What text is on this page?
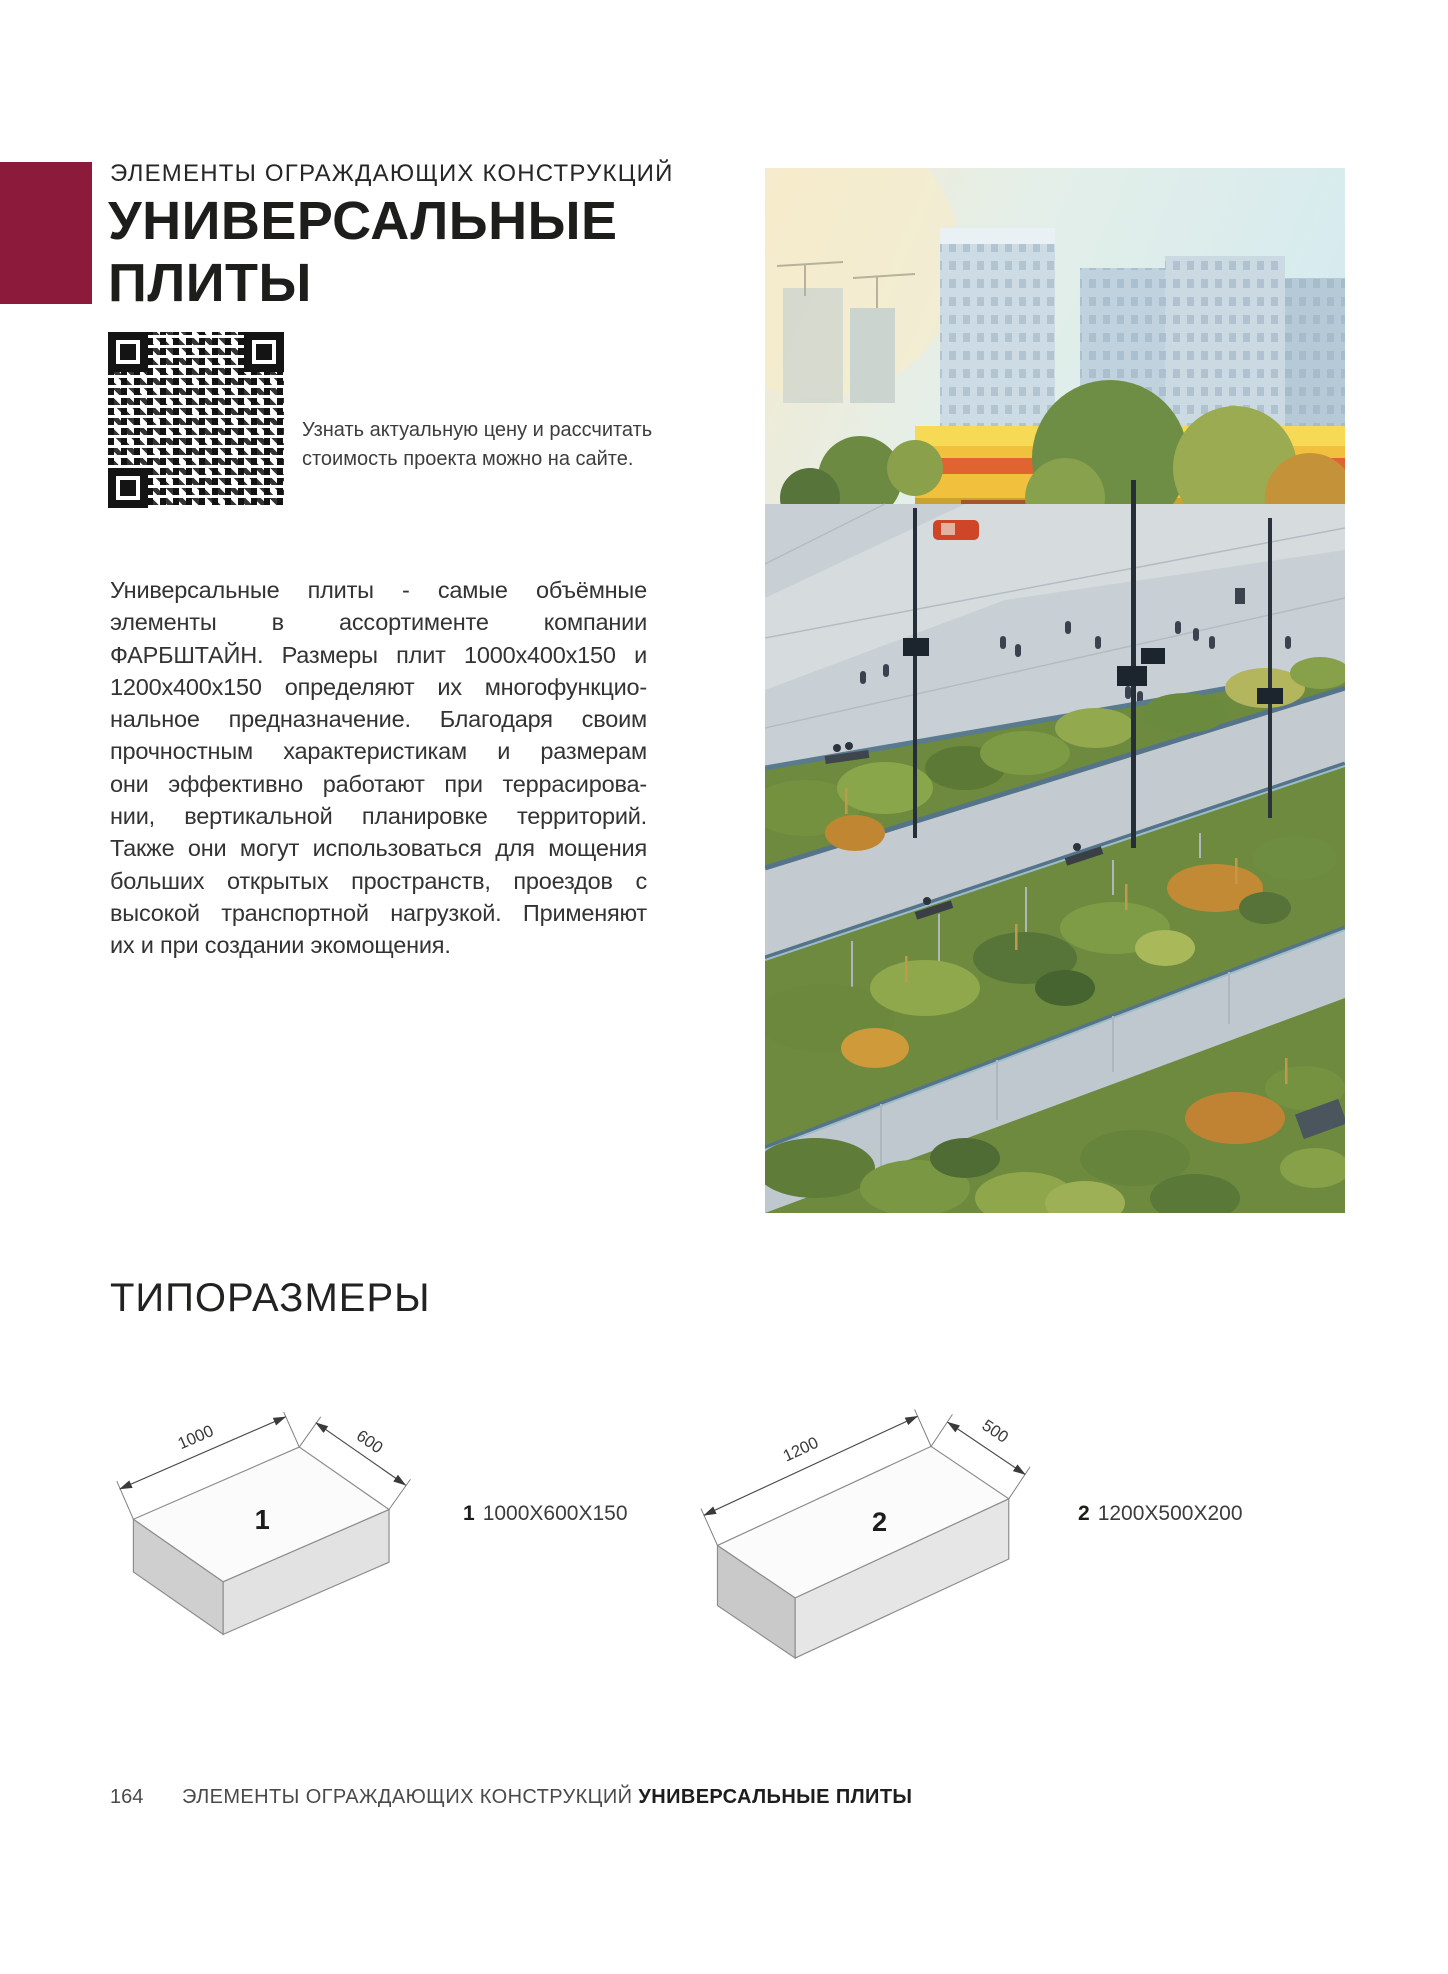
ЭЛЕМЕНТЫ ОГРАЖДАЮЩИХ КОНСТРУКЦИЙ
УНИВЕРСАЛЬНЫЕ
ПЛИТЫ
Узнать актуальную цену и рассчитать
стоимость проекта можно на сайте.
Универсальные плиты - самые объёмные
элементы в ассортименте компании
ФАРБШТАЙН. Размеры плит 1000х400х150 и
1200х400х150 определяют их многофункцио-
нальное предназначение. Благодаря своим
прочностным характеристикам и размерам
они эффективно работают при террасирова-
нии, вертикальной планировке территорий.
Также они могут использоваться для мощения
больших открытых пространств, проездов с
высокой транспортной нагрузкой. Применяют
их и при создании экомощения.
ТИПОРАЗМЕРЫ
1000	600
1	1 1000X600X150
1200
500
2	2 1200X500X200
164 ЭЛЕМЕНТЫ ОГРАЖДАЮЩИХ КОНСТРУКЦИЙ УНИВЕРСАЛЬНЫЕ ПЛИТЫ
